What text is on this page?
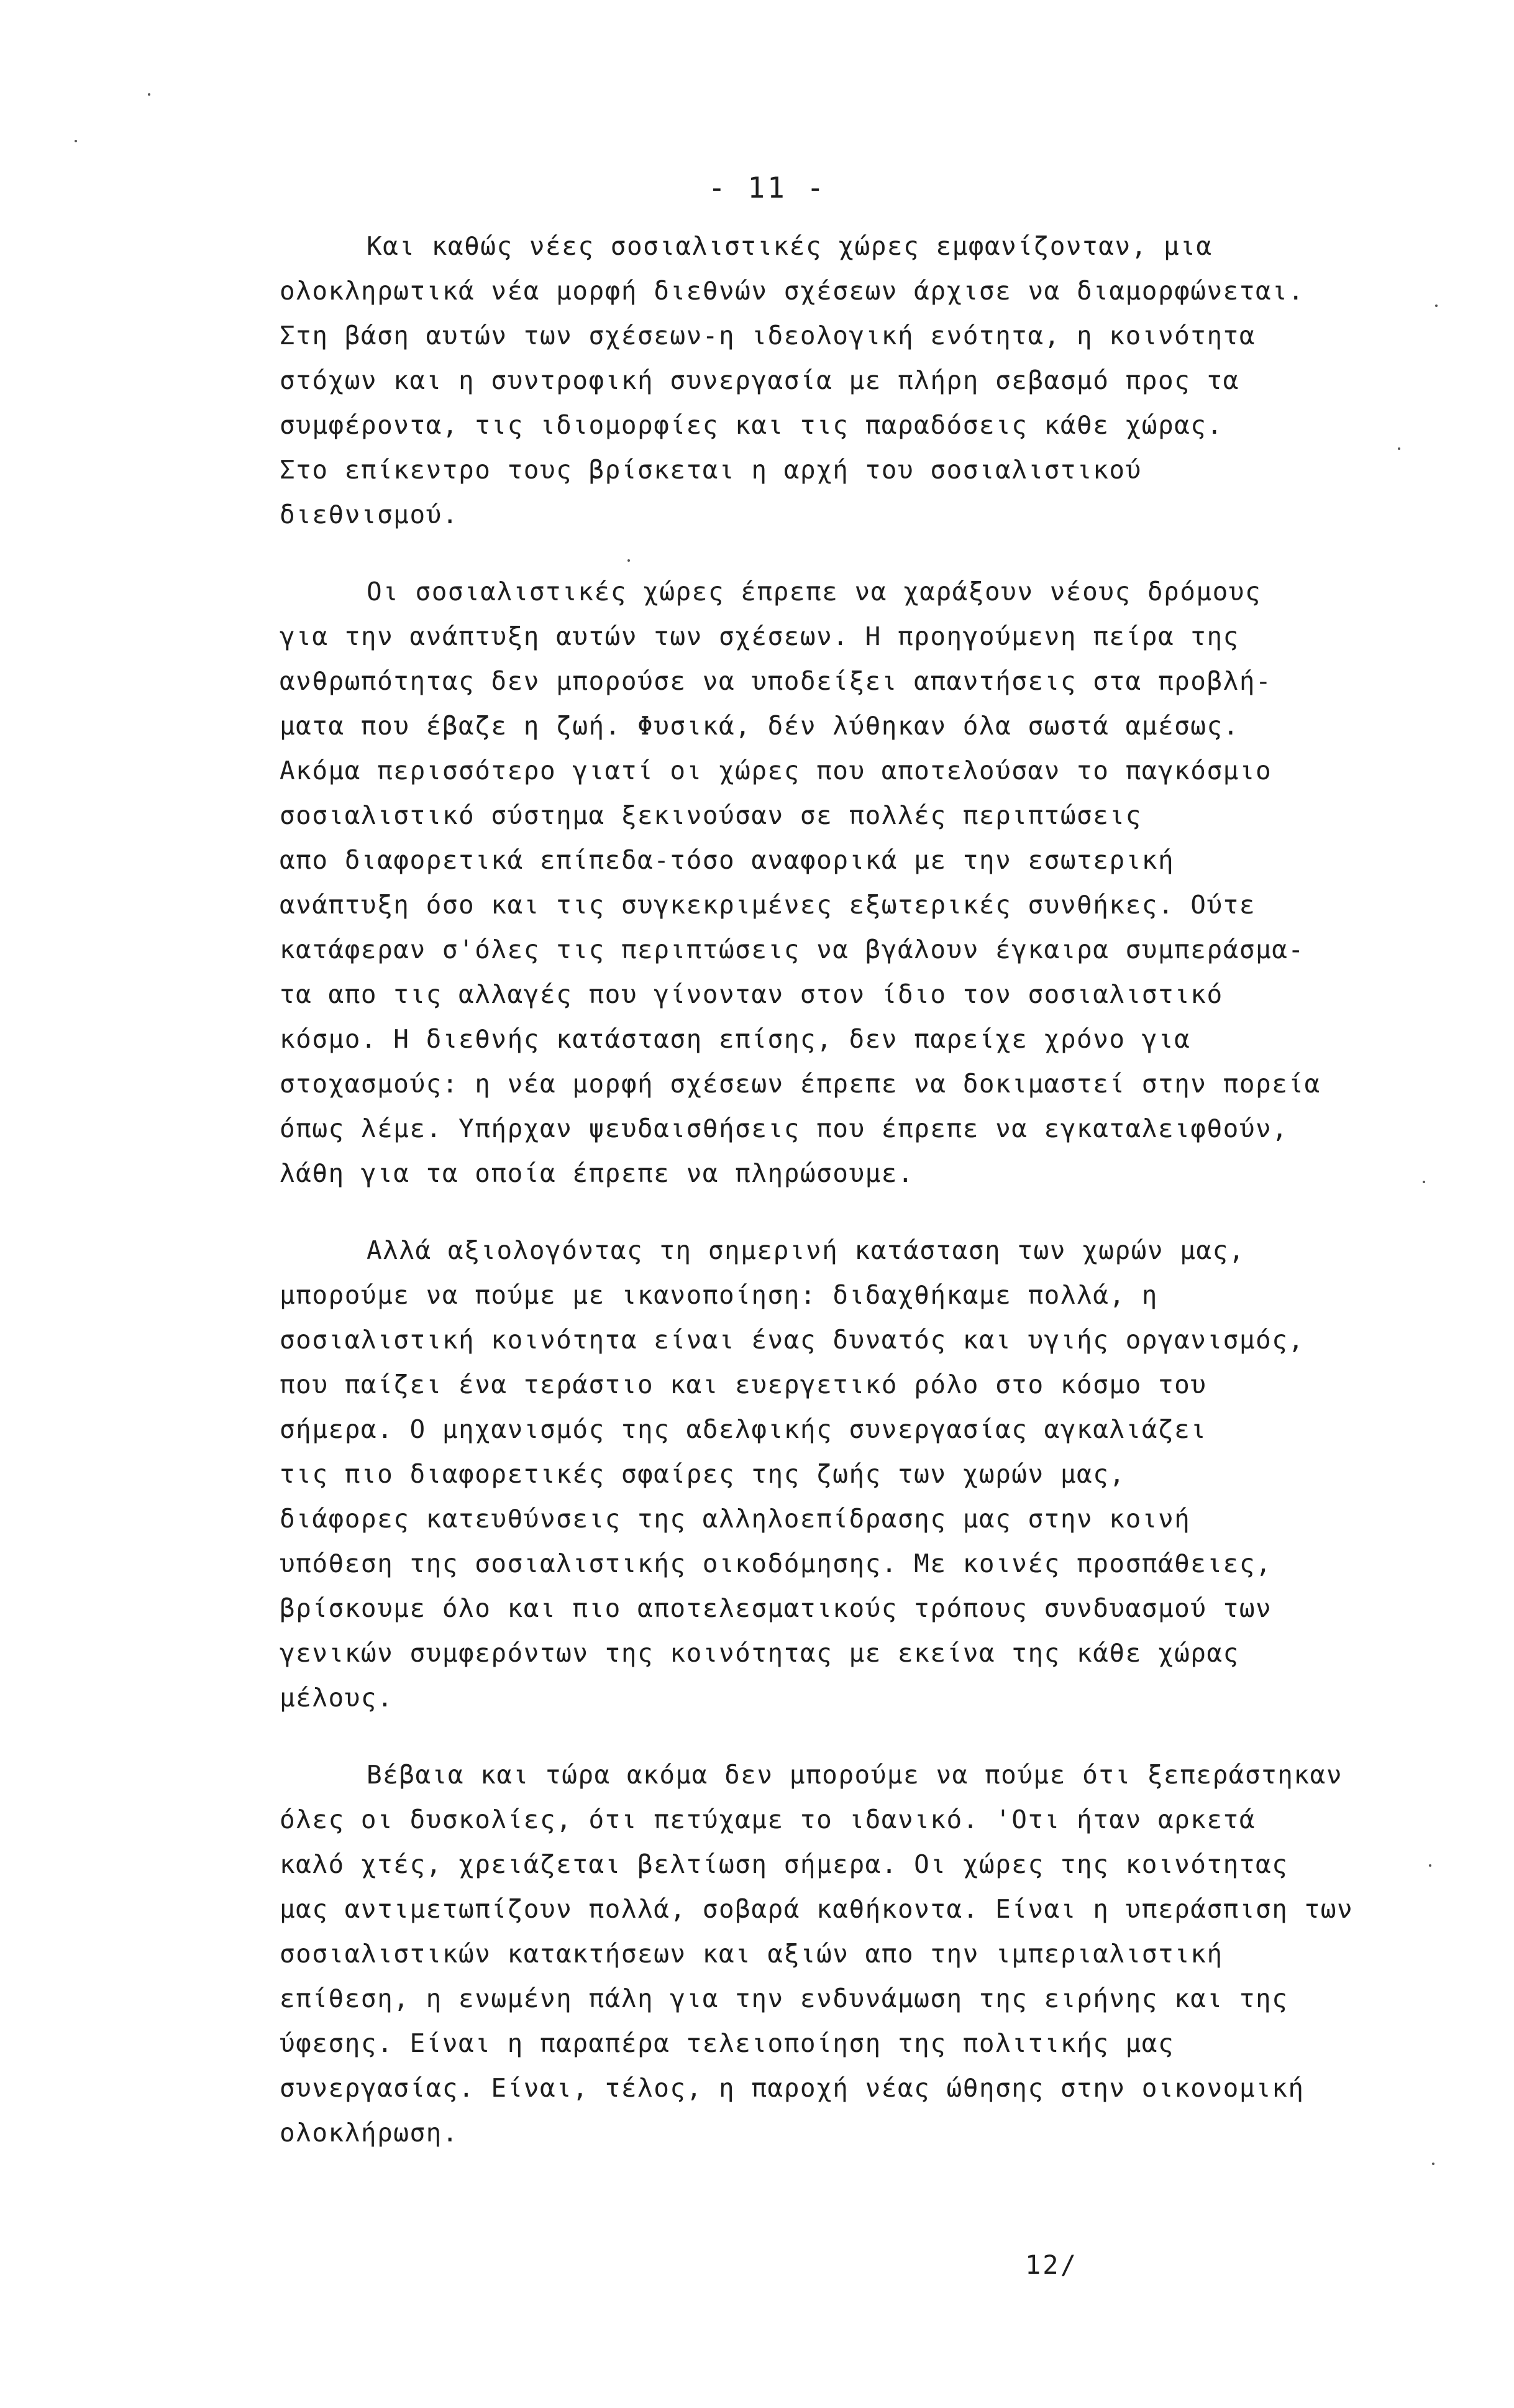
- 11 -
Και καθώς νέες σοσιαλιστικές χώρες εμφανίζονταν, μια
ολοκληρωτικά νέα μορφή διεθνών σχέσεων άρχισε να διαμορφώνεται.
Στη βάση αυτών των σχέσεων-η ιδεολογική ενότητα, η κοινότητα
στόχων και η συντροφική συνεργασία με πλήρη σεβασμό προς τα
συμφέροντα, τις ιδιομορφίες και τις παραδόσεις κάθε χώρας.
Στο επίκεντρο τους βρίσκεται η αρχή του σοσιαλιστικού
διεθνισμού.
Οι σοσιαλιστικές χώρες έπρεπε να χαράξουν νέους δρόμους
για την ανάπτυξη αυτών των σχέσεων. Η προηγούμενη πείρα της
ανθρωπότητας δεν μπορούσε να υποδείξει απαντήσεις στα προβλή-
ματα που έβαζε η ζωή. Φυσικά, δέν λύθηκαν όλα σωστά αμέσως.
Ακόμα περισσότερο γιατί οι χώρες που αποτελούσαν το παγκόσμιο
σοσιαλιστικό σύστημα ξεκινούσαν σε πολλές περιπτώσεις
απο διαφορετικά επίπεδα-τόσο αναφορικά με την εσωτερική
ανάπτυξη όσο και τις συγκεκριμένες εξωτερικές συνθήκες. Ούτε
κατάφεραν σ'όλες τις περιπτώσεις να βγάλουν έγκαιρα συμπεράσμα-
τα απο τις αλλαγές που γίνονταν στον ίδιο τον σοσιαλιστικό
κόσμο. Η διεθνής κατάσταση επίσης, δεν παρείχε χρόνο για
στοχασμούς: η νέα μορφή σχέσεων έπρεπε να δοκιμαστεί στην πορεία
όπως λέμε. Υπήρχαν ψευδαισθήσεις που έπρεπε να εγκαταλειφθούν,
λάθη για τα οποία έπρεπε να πληρώσουμε.
Αλλά αξιολογόντας τη σημερινή κατάσταση των χωρών μας,
μπορούμε να πούμε με ικανοποίηση: διδαχθήκαμε πολλά, η
σοσιαλιστική κοινότητα είναι ένας δυνατός και υγιής οργανισμός,
που παίζει ένα τεράστιο και ευεργετικό ρόλο στο κόσμο του
σήμερα. Ο μηχανισμός της αδελφικής συνεργασίας αγκαλιάζει
τις πιο διαφορετικές σφαίρες της ζωής των χωρών μας,
διάφορες κατευθύνσεις της αλληλοεπίδρασης μας στην κοινή
υπόθεση της σοσιαλιστικής οικοδόμησης. Με κοινές προσπάθειες,
βρίσκουμε όλο και πιο αποτελεσματικούς τρόπους συνδυασμού των
γενικών συμφερόντων της κοινότητας με εκείνα της κάθε χώρας
μέλους.
Βέβαια και τώρα ακόμα δεν μπορούμε να πούμε ότι ξεπεράστηκαν
όλες οι δυσκολίες, ότι πετύχαμε το ιδανικό. 'Οτι ήταν αρκετά
καλό χτές, χρειάζεται βελτίωση σήμερα. Οι χώρες της κοινότητας
μας αντιμετωπίζουν πολλά, σοβαρά καθήκοντα. Είναι η υπεράσπιση των
σοσιαλιστικών κατακτήσεων και αξιών απο την ιμπεριαλιστική
επίθεση, η ενωμένη πάλη για την ενδυνάμωση της ειρήνης και της
ύφεσης. Είναι η παραπέρα τελειοποίηση της πολιτικής μας
συνεργασίας. Είναι, τέλος, η παροχή νέας ώθησης στην οικονομική
ολοκλήρωση.
12/
